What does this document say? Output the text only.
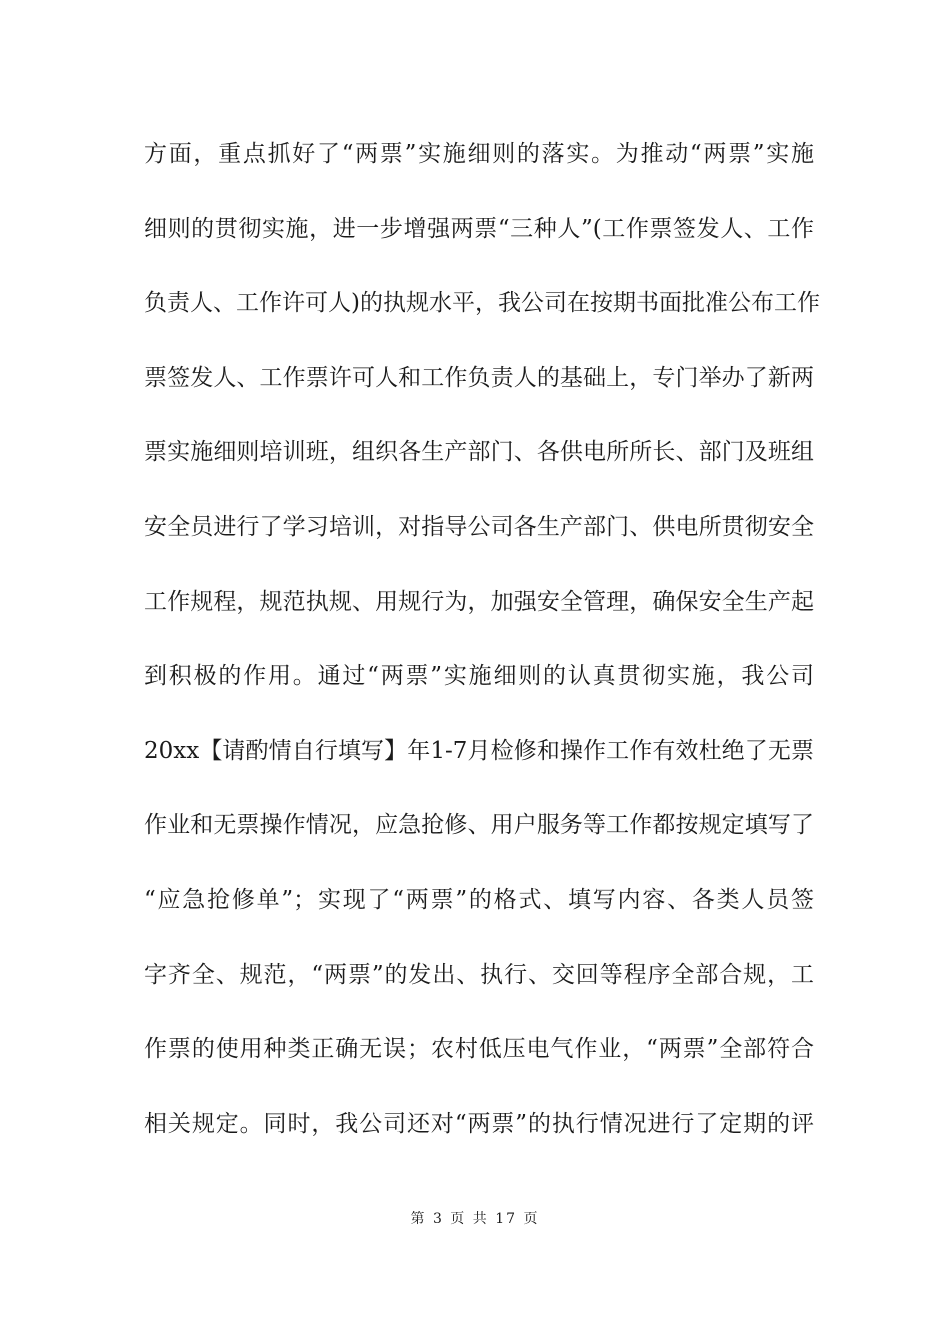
方面，重点抓好了“两票”实施细则的落实。为推动“两票”实施
细则的贯彻实施，进一步增强两票“三种人”(工作票签发人、工作
负责人、工作许可人)的执规水平，我公司在按期书面批准公布工作
票签发人、工作票许可人和工作负责人的基础上，专门举办了新两
票实施细则培训班，组织各生产部门、各供电所所长、部门及班组
安全员进行了学习培训，对指导公司各生产部门、供电所贯彻安全
工作规程，规范执规、用规行为，加强安全管理，确保安全生产起
到积极的作用。通过“两票”实施细则的认真贯彻实施，我公司
20xx【请酌情自行填写】年1-7月检修和操作工作有效杜绝了无票
作业和无票操作情况，应急抢修、用户服务等工作都按规定填写了
“应急抢修单”；实现了“两票”的格式、填写内容、各类人员签
字齐全、规范，“两票”的发出、执行、交回等程序全部合规，工
作票的使用种类正确无误；农村低压电气作业，“两票”全部符合
相关规定。同时，我公司还对“两票”的执行情况进行了定期的评
第 3 页 共 17 页
